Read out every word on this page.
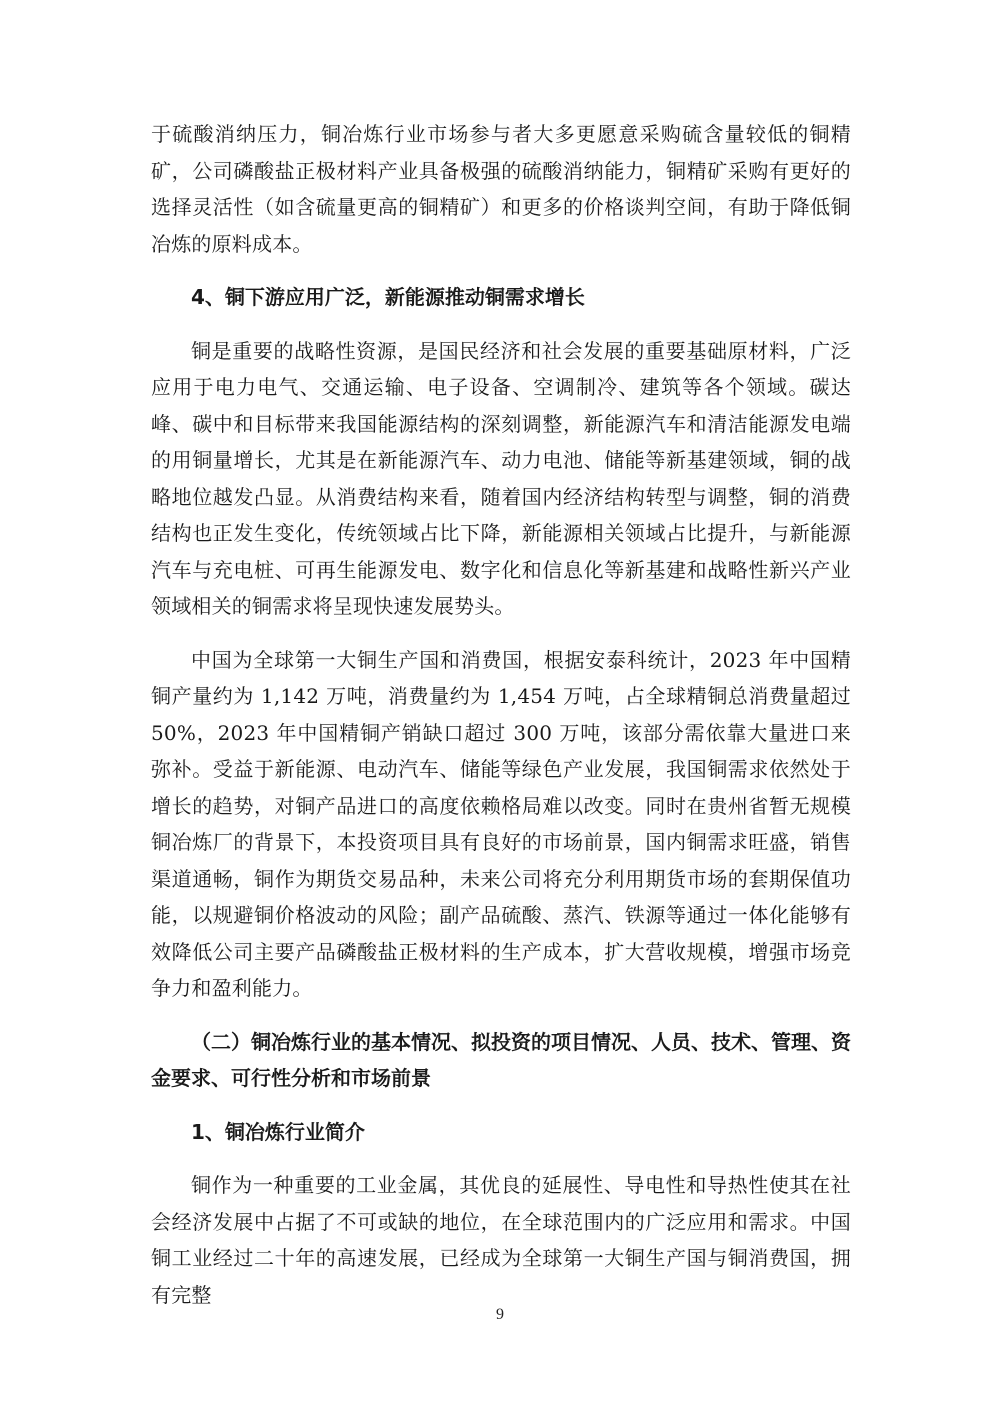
于硫酸消纳压力，铜冶炼行业市场参与者大多更愿意采购硫含量较低的铜精矿，公司磷酸盐正极材料产业具备极强的硫酸消纳能力，铜精矿采购有更好的选择灵活性（如含硫量更高的铜精矿）和更多的价格谈判空间，有助于降低铜冶炼的原料成本。

4、铜下游应用广泛，新能源推动铜需求增长

铜是重要的战略性资源，是国民经济和社会发展的重要基础原材料，广泛应用于电力电气、交通运输、电子设备、空调制冷、建筑等各个领域。碳达峰、碳中和目标带来我国能源结构的深刻调整，新能源汽车和清洁能源发电端的用铜量增长，尤其是在新能源汽车、动力电池、储能等新基建领域，铜的战略地位越发凸显。从消费结构来看，随着国内经济结构转型与调整，铜的消费结构也正发生变化，传统领域占比下降，新能源相关领域占比提升，与新能源汽车与充电桩、可再生能源发电、数字化和信息化等新基建和战略性新兴产业领域相关的铜需求将呈现快速发展势头。

中国为全球第一大铜生产国和消费国，根据安泰科统计，2023 年中国精铜产量约为 1,142 万吨，消费量约为 1,454 万吨，占全球精铜总消费量超过 50%，2023 年中国精铜产销缺口超过 300 万吨，该部分需依靠大量进口来弥补。受益于新能源、电动汽车、储能等绿色产业发展，我国铜需求依然处于增长的趋势，对铜产品进口的高度依赖格局难以改变。同时在贵州省暂无规模铜冶炼厂的背景下，本投资项目具有良好的市场前景，国内铜需求旺盛，销售渠道通畅，铜作为期货交易品种，未来公司将充分利用期货市场的套期保值功能，以规避铜价格波动的风险；副产品硫酸、蒸汽、铁源等通过一体化能够有效降低公司主要产品磷酸盐正极材料的生产成本，扩大营收规模，增强市场竞争力和盈利能力。

（二）铜冶炼行业的基本情况、拟投资的项目情况、人员、技术、管理、资金要求、可行性分析和市场前景

1、铜冶炼行业简介

铜作为一种重要的工业金属，其优良的延展性、导电性和导热性使其在社会经济发展中占据了不可或缺的地位，在全球范围内的广泛应用和需求。中国铜工业经过二十年的高速发展，已经成为全球第一大铜生产国与铜消费国，拥有完整

9
